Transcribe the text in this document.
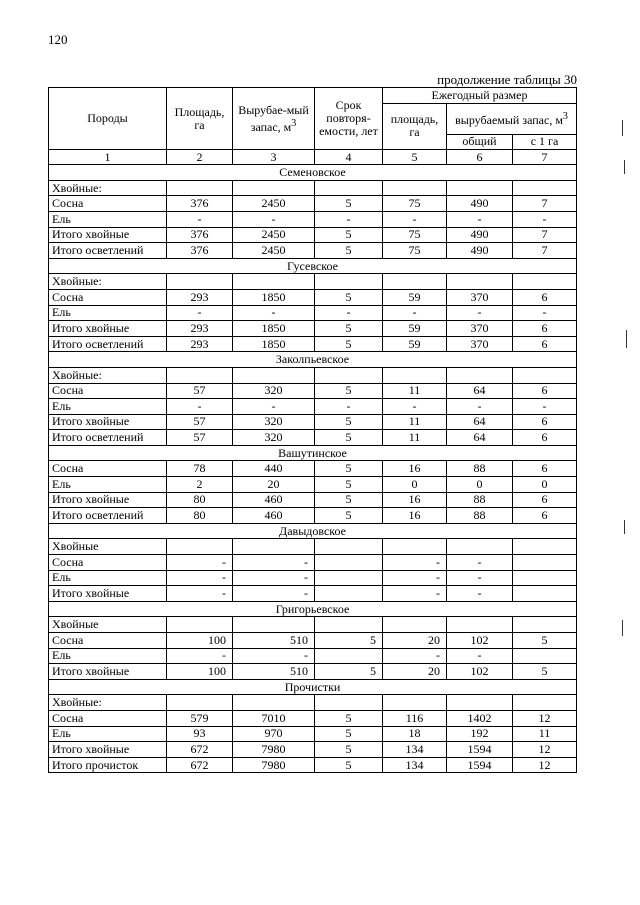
120
продолжение таблицы 30
Породы	Площадь, га	Вырубае-мый запас, $м^3$	Срок повторя-емости, лет	Ежегодный размер		
				площадь, га	вырубаемый запас, $м^3$
					общий	с 1 га
1	2	3	4	5	6	7
Семеновское						
Хвойные:						
Сосна	376	2450	5	75	490	7
Ель	-	-	-	-	-	-
Итого хвойные	376	2450	5	75	490	7
Итого осветлений	376	2450	5	75	490	7
Гусевское						
Хвойные:						
Сосна	293	1850	5	59	370	6
Ель	-	-	-	-	-	-
Итого хвойные	293	1850	5	59	370	6
Итого осветлений	293	1850	5	59	370	6
Заколпьевское						
Хвойные:						
Сосна	57	320	5	11	64	6
Ель	-	-	-	-	-	-
Итого хвойные	57	320	5	11	64	6
Итого осветлений	57	320	5	11	64	6
Вашутинское						
Сосна	78	440	5	16	88	6
Ель	2	20	5	0	0	0
Итого хвойные	80	460	5	16	88	6
Итого осветлений	80	460	5	16	88	6
Давыдовское						
Хвойные						
Сосна	-	-		-	-	
Ель	-	-		-	-	
Итого хвойные	-	-		-	-	
Григорьевское						
Хвойные						
Сосна	100	510	5	20	102	5
Ель	-	-		-	-	
Итого хвойные	100	510	5	20	102	5
Прочистки						
Хвойные:						
Сосна	579	7010	5	116	1402	12
Ель	93	970	5	18	192	11
Итого хвойные	672	7980	5	134	1594	12
Итого прочисток	672	7980	5	134	1594	12
